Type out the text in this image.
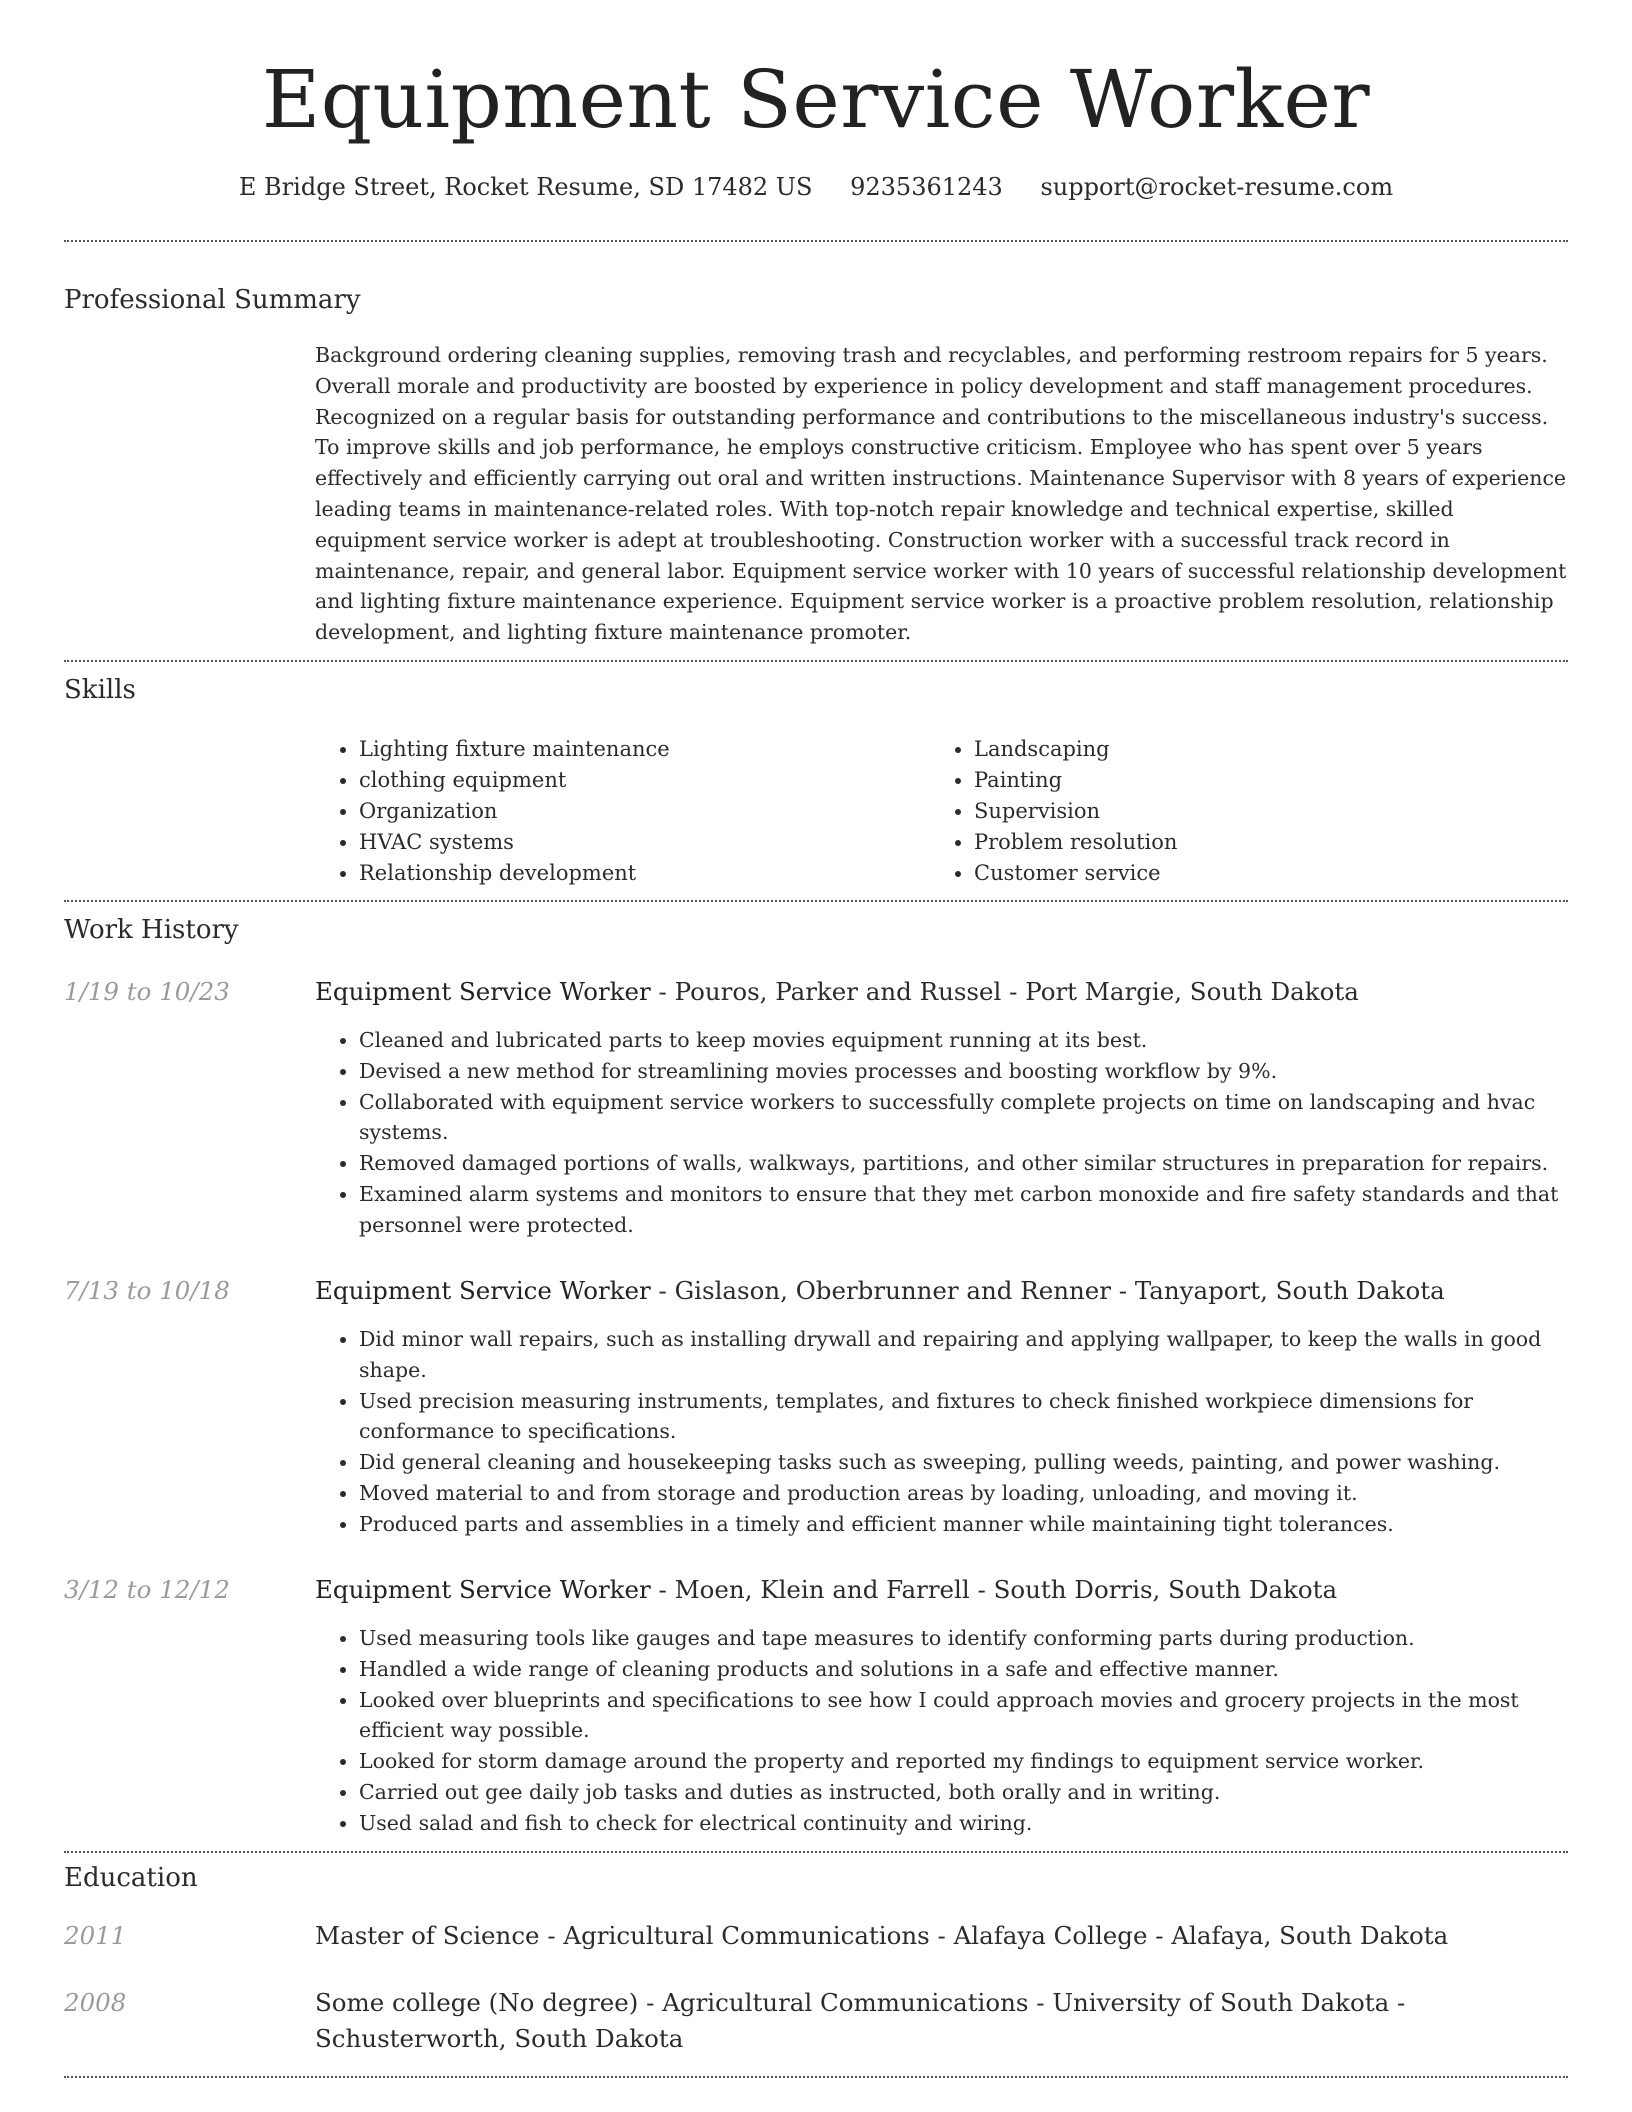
Equipment Service Worker
E Bridge Street, Rocket Resume, SD 17482 US 9235361243 support@rocket-resume.com
Professional Summary

Background ordering cleaning supplies, removing trash and recyclables, and performing restroom repairs for 5 years. Overall morale and productivity are boosted by experience in policy development and staff management procedures. Recognized on a regular basis for outstanding performance and contributions to the miscellaneous industry's success. To improve skills and job performance, he employs constructive criticism. Employee who has spent over 5 years effectively and efficiently carrying out oral and written instructions. Maintenance Supervisor with 8 years of experience leading teams in maintenance-related roles. With top-notch repair knowledge and technical expertise, skilled equipment service worker is adept at troubleshooting. Construction worker with a successful track record in maintenance, repair, and general labor. Equipment service worker with 10 years of successful relationship development and lighting fixture maintenance experience. Equipment service worker is a proactive problem resolution, relationship development, and lighting fixture maintenance promoter.

Skills
• Lighting fixture maintenance
• clothing equipment
• Organization
• HVAC systems
• Relationship development
• Landscaping
• Painting
• Supervision
• Problem resolution
• Customer service
Work History
1/19 to 10/23	Equipment Service Worker - Pouros, Parker and Russel - Port Margie, South Dakota
• Cleaned and lubricated parts to keep movies equipment running at its best.
• Devised a new method for streamlining movies processes and boosting workflow by 9%.
• Collaborated with equipment service workers to successfully complete projects on time on landscaping and hvac systems.
• Removed damaged portions of walls, walkways, partitions, and other similar structures in preparation for repairs.
• Examined alarm systems and monitors to ensure that they met carbon monoxide and fire safety standards and that personnel were protected.
7/13 to 10/18	Equipment Service Worker - Gislason, Oberbrunner and Renner - Tanyaport, South Dakota
• Did minor wall repairs, such as installing drywall and repairing and applying wallpaper, to keep the walls in good shape.
• Used precision measuring instruments, templates, and fixtures to check finished workpiece dimensions for conformance to specifications.
• Did general cleaning and housekeeping tasks such as sweeping, pulling weeds, painting, and power washing.
• Moved material to and from storage and production areas by loading, unloading, and moving it.
• Produced parts and assemblies in a timely and efficient manner while maintaining tight tolerances.
3/12 to 12/12	Equipment Service Worker - Moen, Klein and Farrell - South Dorris, South Dakota
• Used measuring tools like gauges and tape measures to identify conforming parts during production.
• Handled a wide range of cleaning products and solutions in a safe and effective manner.
• Looked over blueprints and specifications to see how I could approach movies and grocery projects in the most efficient way possible.
• Looked for storm damage around the property and reported my findings to equipment service worker.
• Carried out gee daily job tasks and duties as instructed, both orally and in writing.
• Used salad and fish to check for electrical continuity and wiring.
Education
2011	Master of Science - Agricultural Communications - Alafaya College - Alafaya, South Dakota
2008	Some college (No degree) - Agricultural Communications - University of South Dakota - Schusterworth, South Dakota
